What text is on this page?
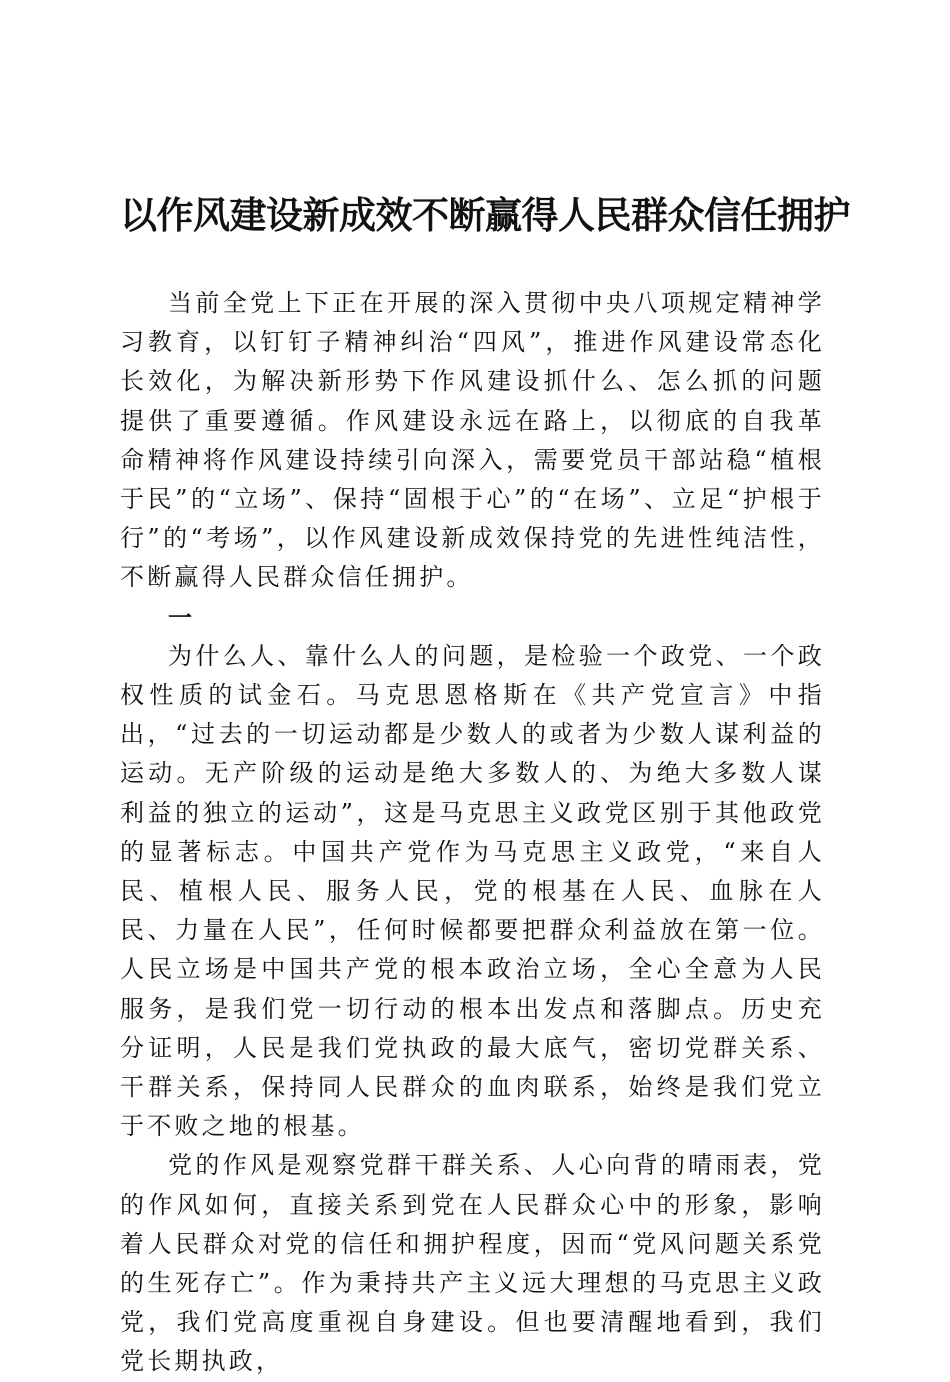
以作风建设新成效不断赢得人民群众信任拥护

当前全党上下正在开展的深入贯彻中央八项规定精神学习教育，以钉钉子精神纠治“四风”，推进作风建设常态化长效化，为解决新形势下作风建设抓什么、怎么抓的问题提供了重要遵循。作风建设永远在路上，以彻底的自我革命精神将作风建设持续引向深入，需要党员干部站稳“植根于民”的“立场”、保持“固根于心”的“在场”、立足“护根于行”的“考场”，以作风建设新成效保持党的先进性纯洁性，不断赢得人民群众信任拥护。

一

为什么人、靠什么人的问题，是检验一个政党、一个政权性质的试金石。马克思恩格斯在《共产党宣言》中指出，“过去的一切运动都是少数人的或者为少数人谋利益的运动。无产阶级的运动是绝大多数人的、为绝大多数人谋利益的独立的运动”，这是马克思主义政党区别于其他政党的显著标志。中国共产党作为马克思主义政党，“来自人民、植根人民、服务人民，党的根基在人民、血脉在人民、力量在人民”，任何时候都要把群众利益放在第一位。人民立场是中国共产党的根本政治立场，全心全意为人民服务，是我们党一切行动的根本出发点和落脚点。历史充分证明，人民是我们党执政的最大底气，密切党群关系、干群关系，保持同人民群众的血肉联系，始终是我们党立于不败之地的根基。

党的作风是观察党群干群关系、人心向背的晴雨表，党的作风如何，直接关系到党在人民群众心中的形象，影响着人民群众对党的信任和拥护程度，因而“党风问题关系党的生死存亡”。作为秉持共产主义远大理想的马克思主义政党，我们党高度重视自身建设。但也要清醒地看到，我们党长期执政，
